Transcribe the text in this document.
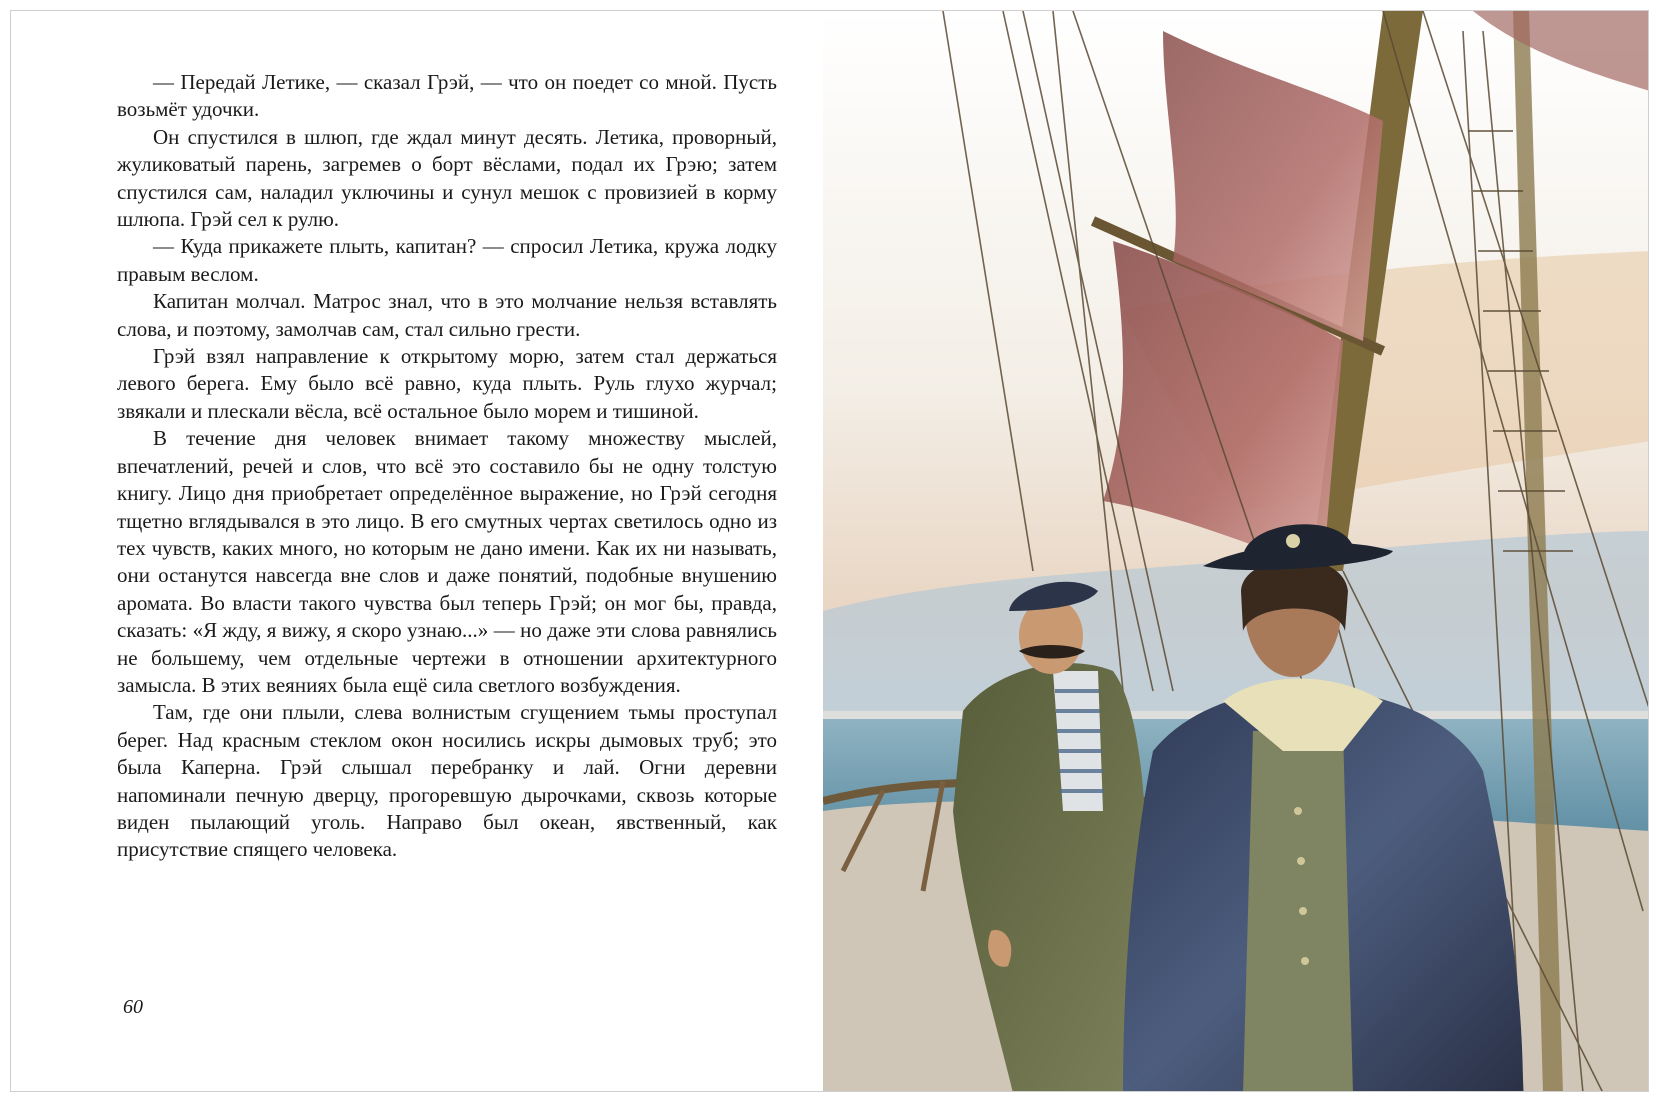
— Передай Летике, — сказал Грэй, — что он поедет со мной. Пусть возьмёт удочки.

Он спустился в шлюп, где ждал минут десять. Летика, проворный, жуликоватый парень, загремев о борт вёслами, подал их Грэю; затем спустился сам, наладил уключины и сунул мешок с провизией в корму шлюпа. Грэй сел к рулю.

— Куда прикажете плыть, капитан? — спросил Летика, кружа лодку правым веслом.

Капитан молчал. Матрос знал, что в это молчание нельзя вставлять слова, и поэтому, замолчав сам, стал сильно грести.

Грэй взял направление к открытому морю, затем стал держаться левого берега. Ему было всё равно, куда плыть. Руль глухо журчал; звякали и плескали вёсла, всё остальное было морем и тишиной.

В течение дня человек внимает такому множеству мыслей, впечатлений, речей и слов, что всё это составило бы не одну толстую книгу. Лицо дня приобретает определённое выражение, но Грэй сегодня тщетно вглядывался в это лицо. В его смутных чертах светилось одно из тех чувств, каких много, но которым не дано имени. Как их ни называть, они останутся навсегда вне слов и даже понятий, подобные внушению аромата. Во власти такого чувства был теперь Грэй; он мог бы, правда, сказать: «Я жду, я вижу, я скоро узнаю...» — но даже эти слова равнялись не большему, чем отдельные чертежи в отношении архитектурного замысла. В этих веяниях была ещё сила светлого возбуждения.

Там, где они плыли, слева волнистым сгущением тьмы проступал берег. Над красным стеклом окон носились искры дымовых труб; это была Каперна. Грэй слышал перебранку и лай. Огни деревни напоминали печную дверцу, прогоревшую дырочками, сквозь которые виден пылающий уголь. Направо был океан, явственный, как присутствие спящего человека.

60
